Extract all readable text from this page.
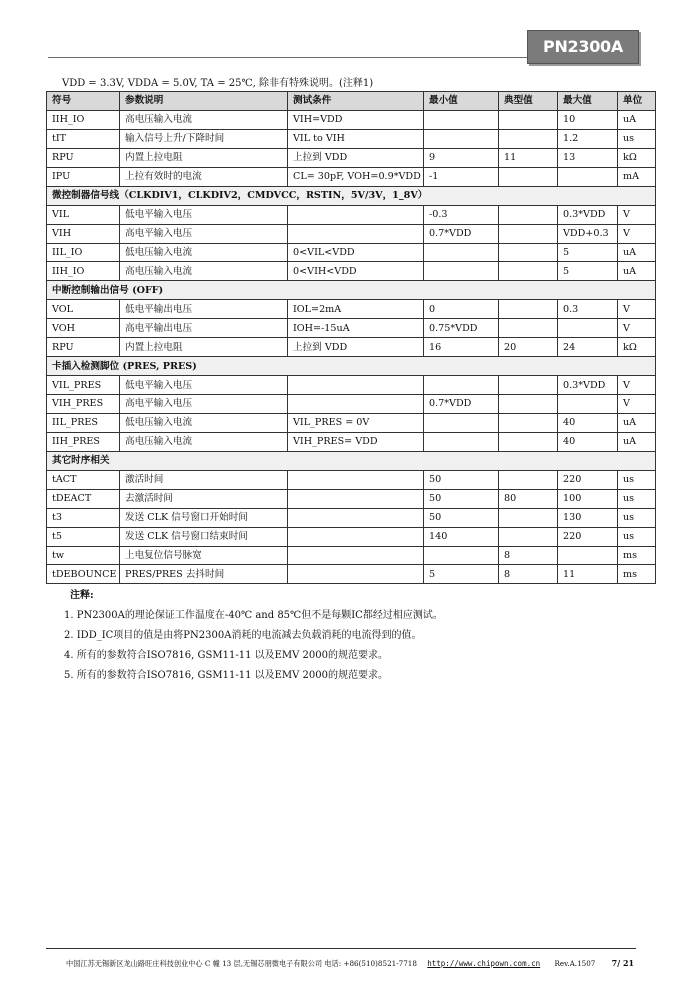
PN2300A
VDD = 3.3V, VDDA = 5.0V, TA = 25℃, 除非有特殊说明。(注释1)
符号	参数说明	测试条件	最小值	典型值	最大值	单位
IIH_IO	高电压输入电流	VIH=VDD			10	uA
tIT	输入信号上升/下降时间	VIL to VIH			1.2	us
RPU	内置上拉电阻	上拉到 VDD	9	11	13	kΩ
IPU	上拉有效时的电流	CL= 30pF, VOH=0.9*VDD	-1			mA
微控制器信号线（CLKDIV1，CLKDIV2，CMDVCC，RSTIN，5V/3V，1_8V）						
VIL	低电平输入电压		-0.3		0.3*VDD	V
VIH	高电平输入电压		0.7*VDD		VDD+0.3	V
IIL_IO	低电压输入电流	0<VIL<VDD			5	uA
IIH_IO	高电压输入电流	0<VIH<VDD			5	uA
中断控制输出信号 (OFF)						
VOL	低电平输出电压	IOL=2mA	0		0.3	V
VOH	高电平输出电压	IOH=-15uA	0.75*VDD			V
RPU	内置上拉电阻	上拉到 VDD	16	20	24	kΩ
卡插入检测脚位 (PRES, PRES)						
VIL_PRES	低电平输入电压				0.3*VDD	V
VIH_PRES	高电平输入电压		0.7*VDD			V
IIL_PRES	低电压输入电流	VIL_PRES = 0V			40	uA
IIH_PRES	高电压输入电流	VIH_PRES= VDD			40	uA
其它时序相关						
tACT	激活时间		50		220	us
tDEACT	去激活时间		50	80	100	us
t3	发送 CLK 信号窗口开始时间		50		130	us
t5	发送 CLK 信号窗口结束时间		140		220	us
tw	上电复位信号脉宽			8		ms
tDEBOUNCE	PRES/PRES 去抖时间		5	8	11	ms
注释:
1. PN2300A的理论保证工作温度在-40℃ and 85℃但不是每颗IC都经过相应测试。
2. IDD_IC项目的值是由将PN2300A消耗的电流减去负载消耗的电流得到的值。
4. 所有的参数符合ISO7816, GSM11-11 以及EMV 2000的规范要求。
5. 所有的参数符合ISO7816, GSM11-11 以及EMV 2000的规范要求。
中国江苏无锡新区龙山路旺庄科技创业中心 C 幢 13 层,无锡芯朋微电子有限公司 电话: +86(510)8521-7718 http://www.chipown.com.cn Rev.A.1507 7/ 21
